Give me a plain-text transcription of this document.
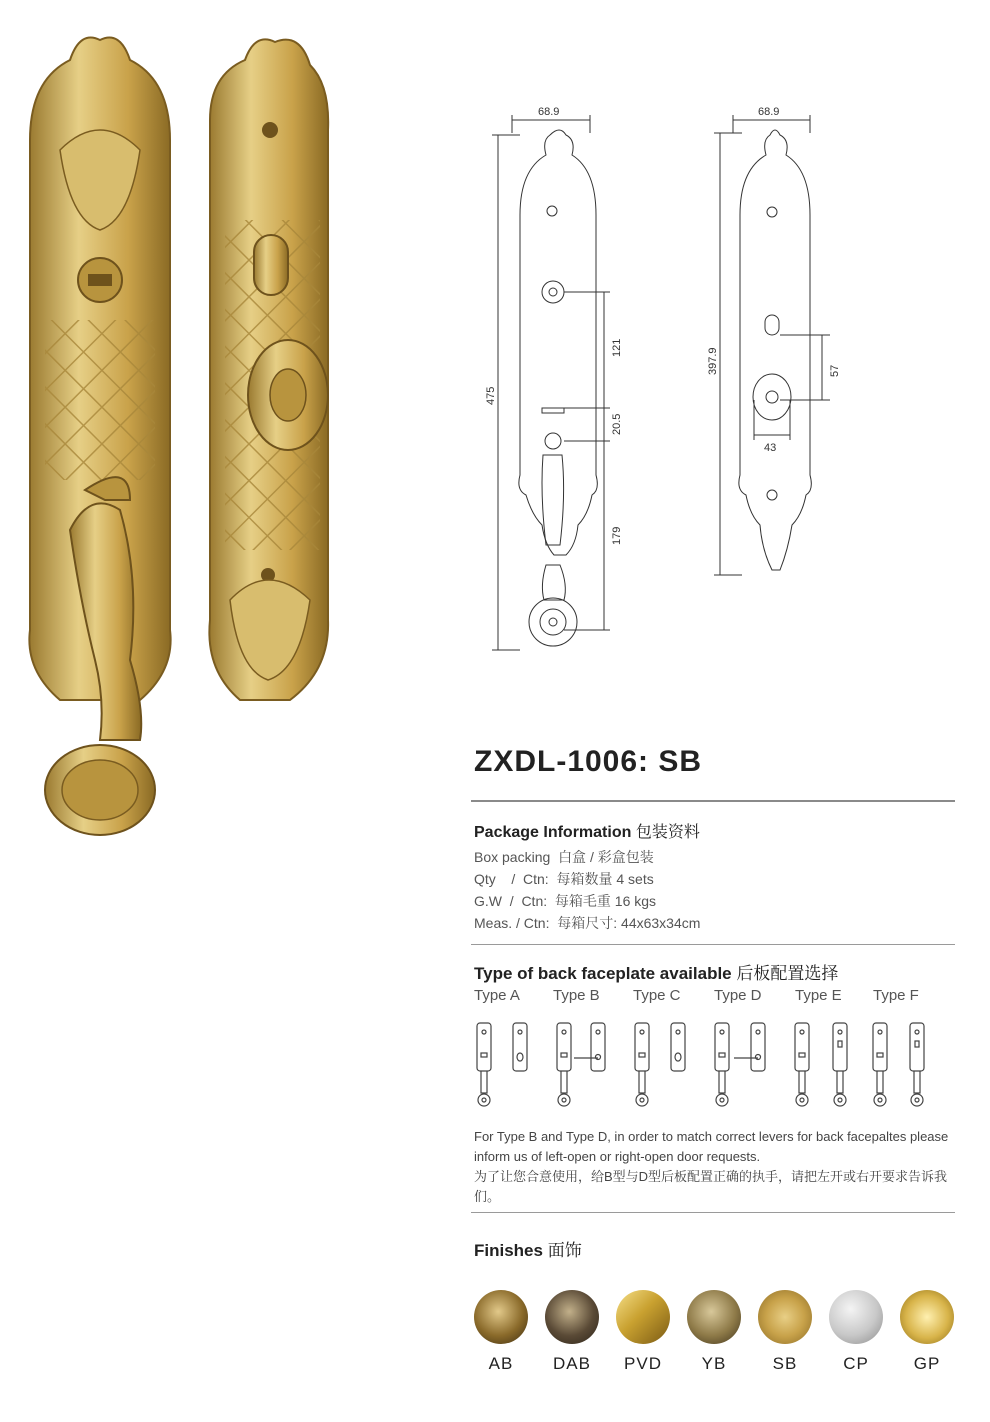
68.9
475
121
20.5
179
68.9
397.9	57
43
ZXDL-1006: SB
Package Information 包装资料
Box packing 白盒 / 彩盒包装
Qty    /  Ctn: 每箱数量 4 sets
G.W  /  Ctn: 每箱毛重 16 kgs
Meas. / Ctn: 每箱尺寸: 44x63x34cm
Type of back faceplate available 后板配置选择
Type A Type B Type C Type D Type E Type F
For Type B and Type D, in order to match correct levers for back facepaltes please inform us of left-open or right-open door requests.
为了让您合意使用，给B型与D型后板配置正确的执手，请把左开或右开要求告诉我们。
Finishes 面饰
AB	DAB	PVD	YB	SB	CP	GP
